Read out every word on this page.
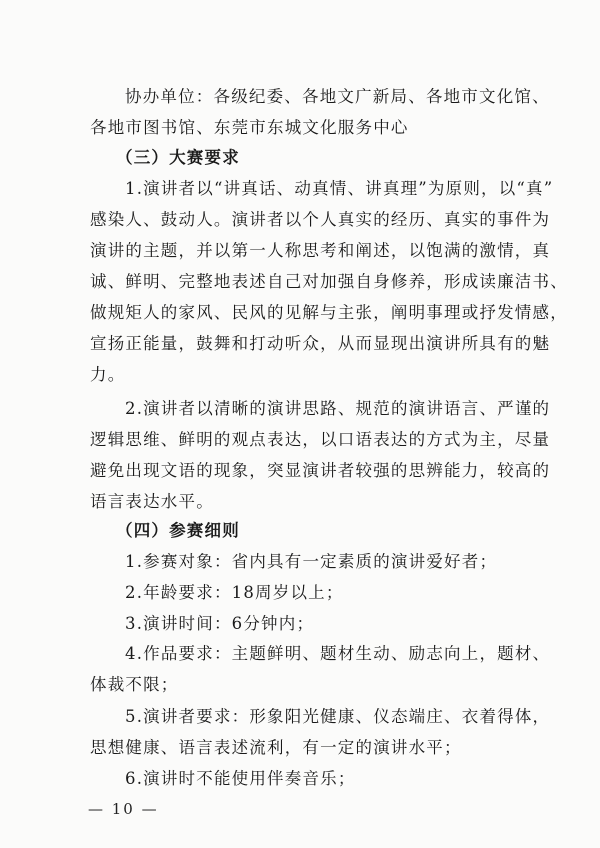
协办单位：各级纪委、各地文广新局、各地市文化馆、
各地市图书馆、东莞市东城文化服务中心
（三）大赛要求
1.演讲者以“讲真话、动真情、讲真理”为原则，以“真”
感染人、鼓动人。演讲者以个人真实的经历、真实的事件为
演讲的主题，并以第一人称思考和阐述，以饱满的激情，真
诚、鲜明、完整地表述自己对加强自身修养，形成读廉洁书、
做规矩人的家风、民风的见解与主张，阐明事理或抒发情感，
宣扬正能量，鼓舞和打动听众，从而显现出演讲所具有的魅
力。
2.演讲者以清晰的演讲思路、规范的演讲语言、严谨的
逻辑思维、鲜明的观点表达，以口语表达的方式为主，尽量
避免出现文语的现象，突显演讲者较强的思辨能力，较高的
语言表达水平。
（四）参赛细则
1.参赛对象：省内具有一定素质的演讲爱好者；
2.年龄要求：18周岁以上；
3.演讲时间：6分钟内；
4.作品要求：主题鲜明、题材生动、励志向上，题材、
体裁不限；
5.演讲者要求：形象阳光健康、仪态端庄、衣着得体，
思想健康、语言表述流利，有一定的演讲水平；
6.演讲时不能使用伴奏音乐；
— 10 —
